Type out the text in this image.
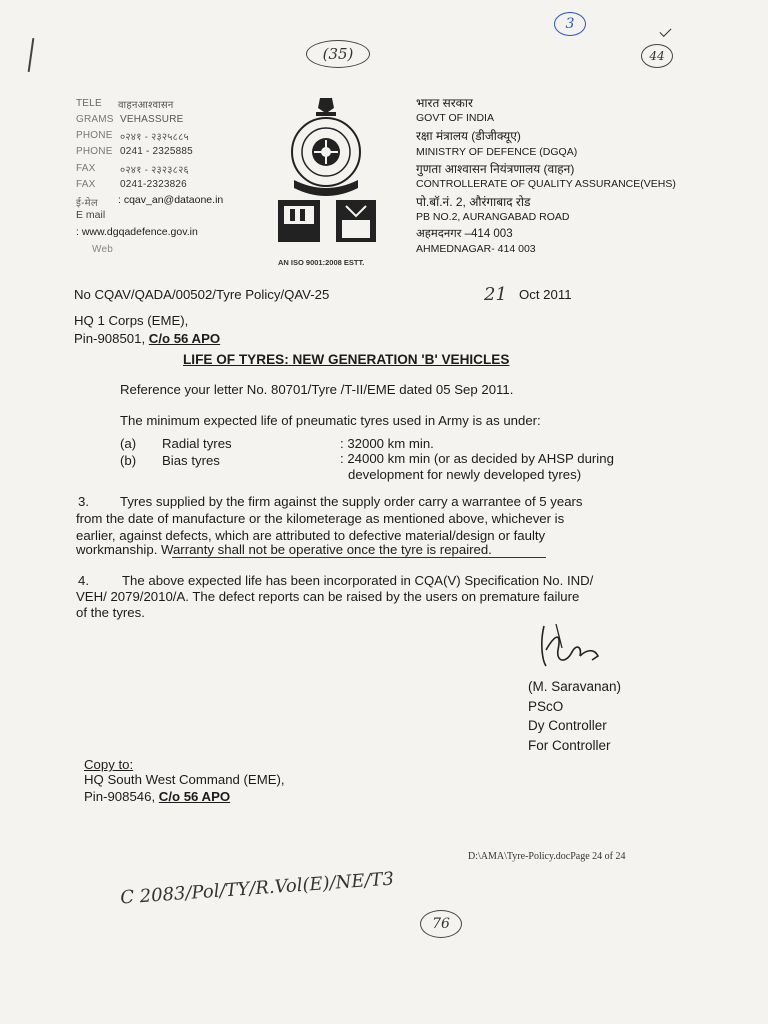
(35)
3
44
TELE वाहनआश्वासन
GRAMS VEHASSURE
PHONE ०२४१ - २३२५८८५
PHONE 0241 - 2325885
FAX ०२४१ - २३२३८२६
FAX 0241-2323826
ई-मेल : cqav_an@dataone.in
E mail
: www.dgqadefence.gov.in
Web
AN ISO 9001:2008 ESTT.
भारत सरकार
GOVT OF INDIA
रक्षा मंत्रालय (डीजीक्यूए)
MINISTRY OF DEFENCE (DGQA)
गुणता आश्वासन नियंत्रणालय (वाहन)
CONTROLLERATE OF QUALITY ASSURANCE(VEHS)
पो.बॉ.नं. 2, औरंगाबाद रोड
PB NO.2, AURANGABAD ROAD
अहमदनगर –414 003
AHMEDNAGAR- 414 003
No CQAV/QADA/00502/Tyre Policy/QAV-25	21 Oct 2011
HQ 1 Corps (EME),
Pin-908501, C/o 56 APO
LIFE OF TYRES: NEW GENERATION 'B' VEHICLES
Reference your letter No. 80701/Tyre /T-II/EME dated 05 Sep 2011.
The minimum expected life of pneumatic tyres used in Army is as under:
(a) Radial tyres	: 32000 km min.
(b) Bias tyres	: 24000 km min (or as decided by AHSP during
development for newly developed tyres)
3. Tyres supplied by the firm against the supply order carry a warrantee of 5 years
from the date of manufacture or the kilometerage as mentioned above, whichever is
earlier, against defects, which are attributed to defective material/design or faulty
workmanship. Warranty shall not be operative once the tyre is repaired.
4.	The above expected life has been incorporated in CQA(V) Specification No. IND/
VEH/ 2079/2010/A. The defect reports can be raised by the users on premature failure
of the tyres.
(M. Saravanan)
PScO
Dy Controller
For Controller
Copy to:
HQ South West Command (EME),
Pin-908546, C/o 56 APO
D:\AMA\Tyre-Policy.docPage 24 of 24
C 2083/Pol/TY/R.Vol(E)/NE/T3
76
